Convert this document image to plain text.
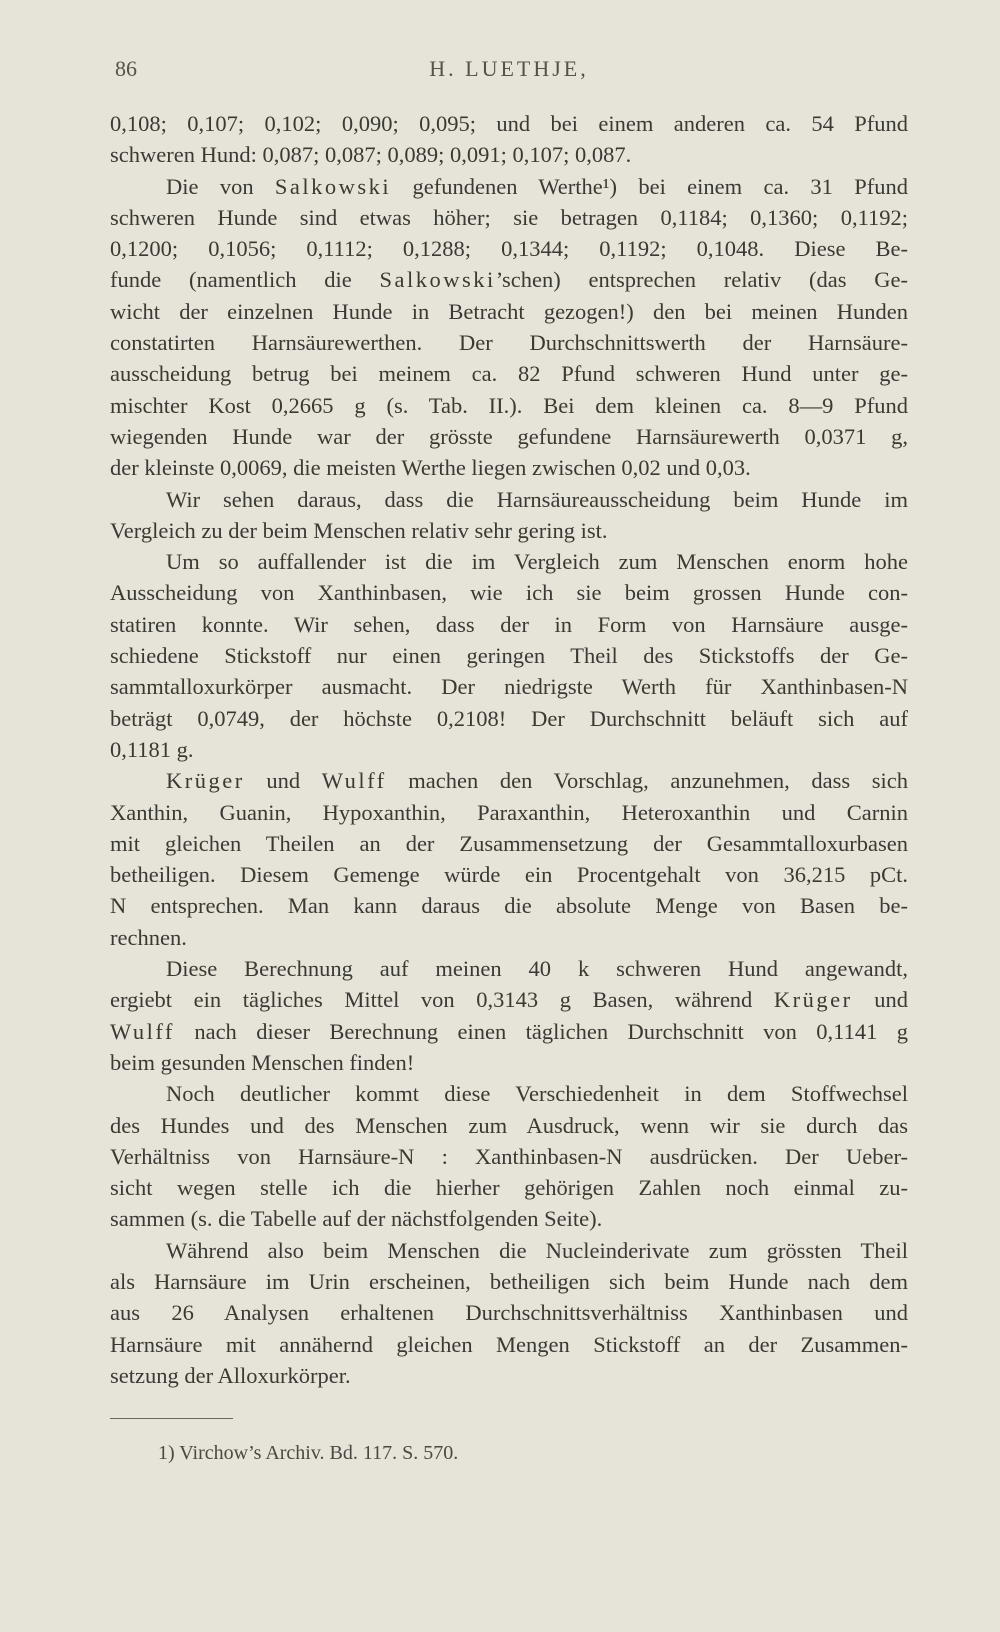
86	H. LUETHJE,
0,108; 0,107; 0,102; 0,090; 0,095; und bei einem anderen ca. 54 Pfund
schweren Hund: 0,087; 0,087; 0,089; 0,091; 0,107; 0,087.
Die von Salkowski gefundenen Werthe¹) bei einem ca. 31 Pfund
schweren Hunde sind etwas höher; sie betragen 0,1184; 0,1360; 0,1192;
0,1200; 0,1056; 0,1112; 0,1288; 0,1344; 0,1192; 0,1048. Diese Be-
funde (namentlich die Salkowski’schen) entsprechen relativ (das Ge-
wicht der einzelnen Hunde in Betracht gezogen!) den bei meinen Hunden
constatirten Harnsäurewerthen. Der Durchschnittswerth der Harnsäure-
ausscheidung betrug bei meinem ca. 82 Pfund schweren Hund unter ge-
mischter Kost 0,2665 g (s. Tab. II.). Bei dem kleinen ca. 8—9 Pfund
wiegenden Hunde war der grösste gefundene Harnsäurewerth 0,0371 g,
der kleinste 0,0069, die meisten Werthe liegen zwischen 0,02 und 0,03.
Wir sehen daraus, dass die Harnsäureausscheidung beim Hunde im
Vergleich zu der beim Menschen relativ sehr gering ist.
Um so auffallender ist die im Vergleich zum Menschen enorm hohe
Ausscheidung von Xanthinbasen, wie ich sie beim grossen Hunde con-
statiren konnte. Wir sehen, dass der in Form von Harnsäure ausge-
schiedene Stickstoff nur einen geringen Theil des Stickstoffs der Ge-
sammtalloxurkörper ausmacht. Der niedrigste Werth für Xanthinbasen-N
beträgt 0,0749, der höchste 0,2108! Der Durchschnitt beläuft sich auf
0,1181 g.
Krüger und Wulff machen den Vorschlag, anzunehmen, dass sich
Xanthin, Guanin, Hypoxanthin, Paraxanthin, Heteroxanthin und Carnin
mit gleichen Theilen an der Zusammensetzung der Gesammtalloxurbasen
betheiligen. Diesem Gemenge würde ein Procentgehalt von 36,215 pCt.
N entsprechen. Man kann daraus die absolute Menge von Basen be-
rechnen.
Diese Berechnung auf meinen 40 k schweren Hund angewandt,
ergiebt ein tägliches Mittel von 0,3143 g Basen, während Krüger und
Wulff nach dieser Berechnung einen täglichen Durchschnitt von 0,1141 g
beim gesunden Menschen finden!
Noch deutlicher kommt diese Verschiedenheit in dem Stoffwechsel
des Hundes und des Menschen zum Ausdruck, wenn wir sie durch das
Verhältniss von Harnsäure-N : Xanthinbasen-N ausdrücken. Der Ueber-
sicht wegen stelle ich die hierher gehörigen Zahlen noch einmal zu-
sammen (s. die Tabelle auf der nächstfolgenden Seite).
Während also beim Menschen die Nucleinderivate zum grössten Theil
als Harnsäure im Urin erscheinen, betheiligen sich beim Hunde nach dem
aus 26 Analysen erhaltenen Durchschnittsverhältniss Xanthinbasen und
Harnsäure mit annähernd gleichen Mengen Stickstoff an der Zusammen-
setzung der Alloxurkörper.
1) Virchow’s Archiv. Bd. 117. S. 570.
